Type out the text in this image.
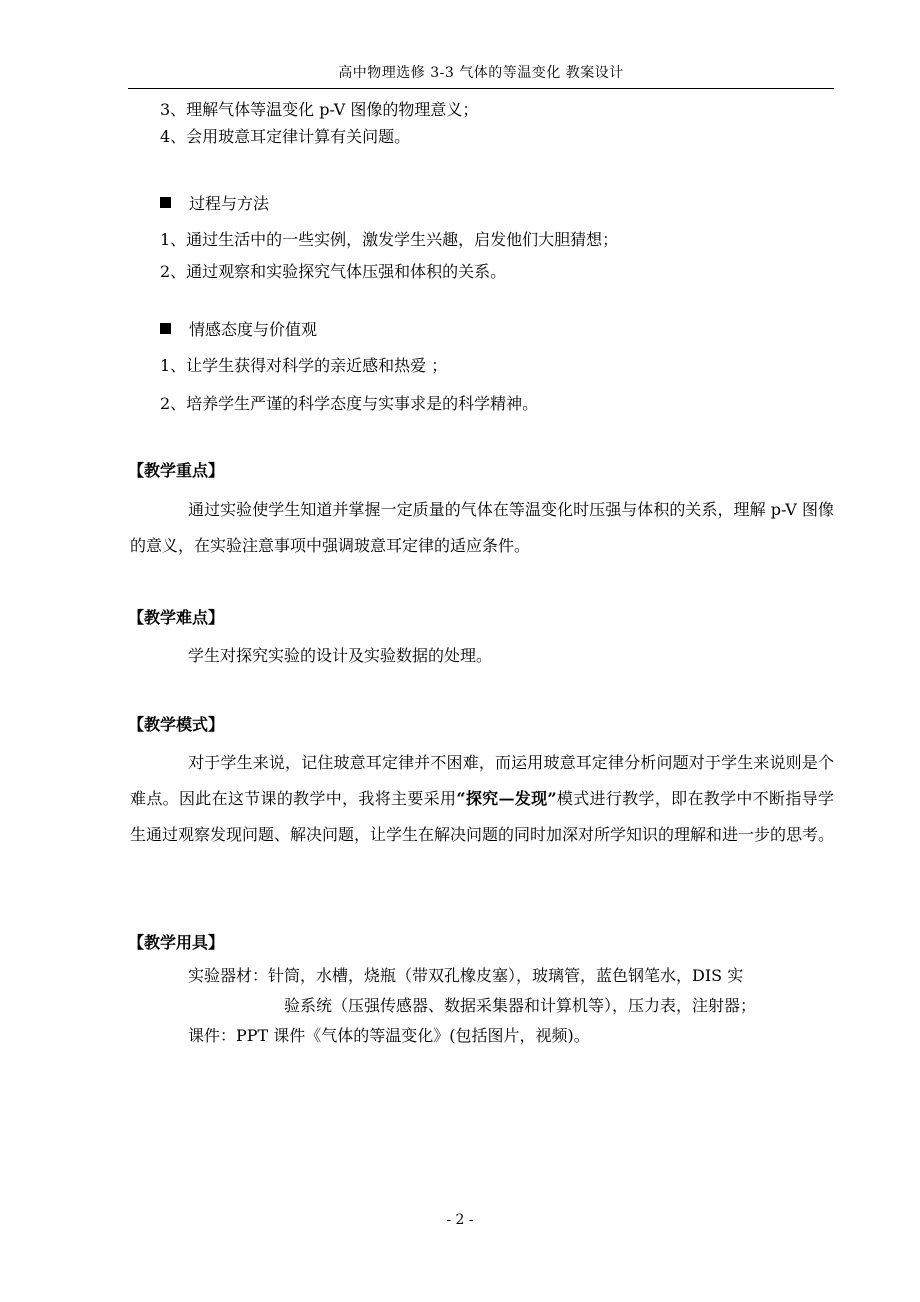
高中物理选修 3-3 气体的等温变化 教案设计
3、理解气体等温变化 p-V 图像的物理意义；
4、会用玻意耳定律计算有关问题。
过程与方法
1、通过生活中的一些实例，激发学生兴趣，启发他们大胆猜想；
2、通过观察和实验探究气体压强和体积的关系。
情感态度与价值观
1、让学生获得对科学的亲近感和热爱 ；
2、培养学生严谨的科学态度与实事求是的科学精神。
【教学重点】
通过实验使学生知道并掌握一定质量的气体在等温变化时压强与体积的关系，理解 p-V 图像的意义，在实验注意事项中强调玻意耳定律的适应条件。
【教学难点】
学生对探究实验的设计及实验数据的处理。
【教学模式】
对于学生来说，记住玻意耳定律并不困难，而运用玻意耳定律分析问题对于学生来说则是个难点。因此在这节课的教学中，我将主要采用“探究—发现”模式进行教学，即在教学中不断指导学生通过观察发现问题、解决问题，让学生在解决问题的同时加深对所学知识的理解和进一步的思考。
【教学用具】
实验器材：针筒，水槽，烧瓶（带双孔橡皮塞），玻璃管，蓝色钢笔水，DIS 实
验系统（压强传感器、数据采集器和计算机等），压力表，注射器；
课件：PPT 课件《气体的等温变化》(包括图片，视频)。
- 2 -
